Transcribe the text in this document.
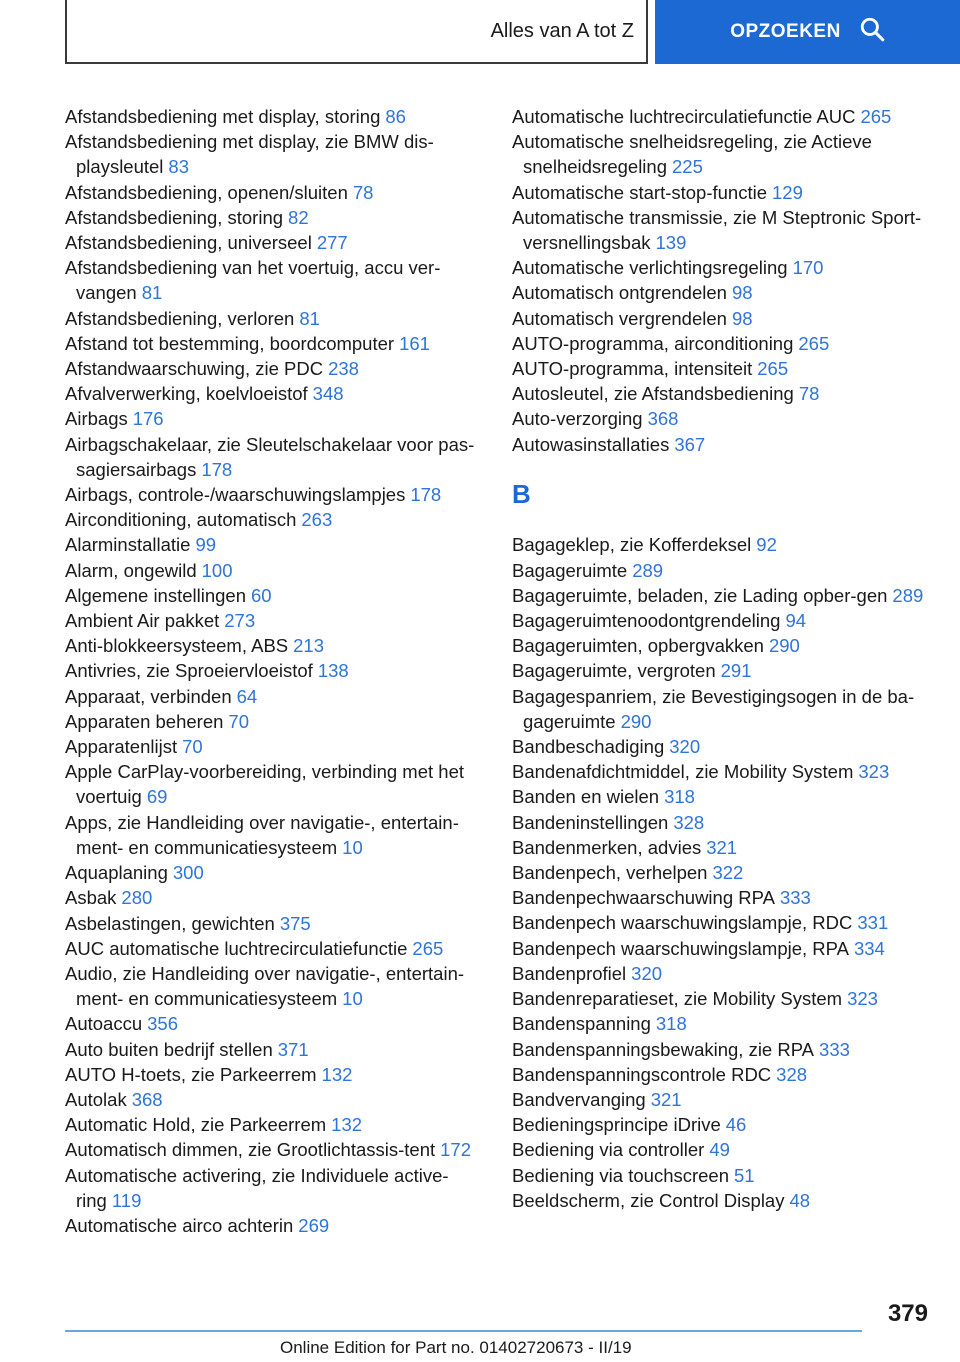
Alles van A tot Z	OPZOEKEN
Afstandsbediening met display, storing 86
Afstandsbediening met display, zie BMW dis-playsleutel 83
Afstandsbediening, openen/sluiten 78
Afstandsbediening, storing 82
Afstandsbediening, universeel 277
Afstandsbediening van het voertuig, accu ver-vangen 81
Afstandsbediening, verloren 81
Afstand tot bestemming, boordcomputer 161
Afstandwaarschuwing, zie PDC 238
Afvalverwerking, koelvloeistof 348
Airbags 176
Airbagschakelaar, zie Sleutelschakelaar voor pas-sagiersairbags 178
Airbags, controle-/waarschuwingslampjes 178
Airconditioning, automatisch 263
Alarminstallatie 99
Alarm, ongewild 100
Algemene instellingen 60
Ambient Air pakket 273
Anti-blokkeersysteem, ABS 213
Antivries, zie Sproeiervloeistof 138
Apparaat, verbinden 64
Apparaten beheren 70
Apparatenlijst 70
Apple CarPlay-voorbereiding, verbinding met het voertuig 69
Apps, zie Handleiding over navigatie-, entertain-ment- en communicatiesysteem 10
Aquaplaning 300
Asbak 280
Asbelastingen, gewichten 375
AUC automatische luchtrecirculatiefunctie 265
Audio, zie Handleiding over navigatie-, entertain-ment- en communicatiesysteem 10
Autoaccu 356
Auto buiten bedrijf stellen 371
AUTO H-toets, zie Parkeerrem 132
Autolak 368
Automatic Hold, zie Parkeerrem 132
Automatisch dimmen, zie Grootlichtassis-tent 172
Automatische activering, zie Individuele active-ring 119
Automatische airco achterin 269
Automatische luchtrecirculatiefunctie AUC 265
Automatische snelheidsregeling, zie Actieve snelheidsregeling 225
Automatische start-stop-functie 129
Automatische transmissie, zie M Steptronic Sport-versnellingsbak 139
Automatische verlichtingsregeling 170
Automatisch ontgrendelen 98
Automatisch vergrendelen 98
AUTO-programma, airconditioning 265
AUTO-programma, intensiteit 265
Autosleutel, zie Afstandsbediening 78
Auto-verzorging 368
Autowasinstallaties 367
B
Bagageklep, zie Kofferdeksel 92
Bagageruimte 289
Bagageruimte, beladen, zie Lading opber-gen 289
Bagageruimtenoodontgrendeling 94
Bagageruimten, opbergvakken 290
Bagageruimte, vergroten 291
Bagagespanriem, zie Bevestigingsogen in de ba-gageruimte 290
Bandbeschadiging 320
Bandenafdichtmiddel, zie Mobility System 323
Banden en wielen 318
Bandeninstellingen 328
Bandenmerken, advies 321
Bandenpech, verhelpen 322
Bandenpechwaarschuwing RPA 333
Bandenpech waarschuwingslampje, RDC 331
Bandenpech waarschuwingslampje, RPA 334
Bandenprofiel 320
Bandenreparatieset, zie Mobility System 323
Bandenspanning 318
Bandenspanningsbewaking, zie RPA 333
Bandenspanningscontrole RDC 328
Bandvervanging 321
Bedieningsprincipe iDrive 46
Bediening via controller 49
Bediening via touchscreen 51
Beeldscherm, zie Control Display 48
379
Online Edition for Part no. 01402720673 - II/19
